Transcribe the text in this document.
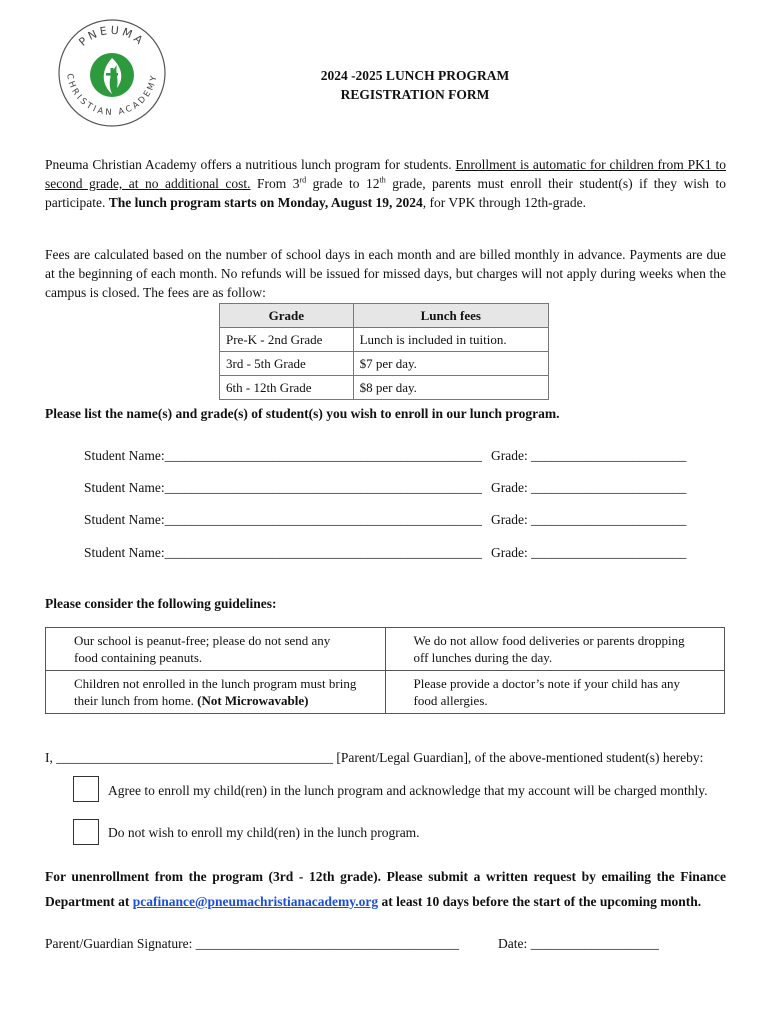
PNEUMA
CHRISTIAN ACADEMY	2024 -2025 LUNCH PROGRAM
REGISTRATION FORM
Pneuma Christian Academy offers a nutritious lunch program for students. Enrollment is automatic for children from PK1 to second grade, at no additional cost. From 3rd grade to 12th grade, parents must enroll their student(s) if they wish to participate. The lunch program starts on Monday, August 19, 2024, for VPK through 12th-grade.
Fees are calculated based on the number of school days in each month and are billed monthly in advance. Payments are due at the beginning of each month. No refunds will be issued for missed days, but charges will not apply during weeks when the campus is closed. The fees are as follow:
Grade	Lunch fees
Pre-K - 2nd Grade	Lunch is included in tuition.
3rd - 5th Grade	$7 per day.
6th - 12th Grade	$8 per day.
Please list the name(s) and grade(s) of student(s) you wish to enroll in our lunch program.
Student Name:_______________________________________________ Grade: _______________________
Student Name:_______________________________________________ Grade: _______________________
Student Name:_______________________________________________ Grade: _______________________
Student Name:_______________________________________________ Grade: _______________________
Please consider the following guidelines:
Our school is peanut-free; please do not send any food containing peanuts.	We do not allow food deliveries or parents dropping off lunches during the day.
Children not enrolled in the lunch program must bring their lunch from home. (Not Microwavable)	Please provide a doctor’s note if your child has any food allergies.
I, _________________________________________ [Parent/Legal Guardian], of the above-mentioned student(s) hereby:
Agree to enroll my child(ren) in the lunch program and acknowledge that my account will be charged monthly.
Do not wish to enroll my child(ren) in the lunch program.
For unenrollment from the program (3rd - 12th grade). Please submit a written request by emailing the Finance
Department at pcafinance@pneumachristianacademy.org at least 10 days before the start of the upcoming month.
Parent/Guardian Signature: _______________________________________	Date: ___________________
